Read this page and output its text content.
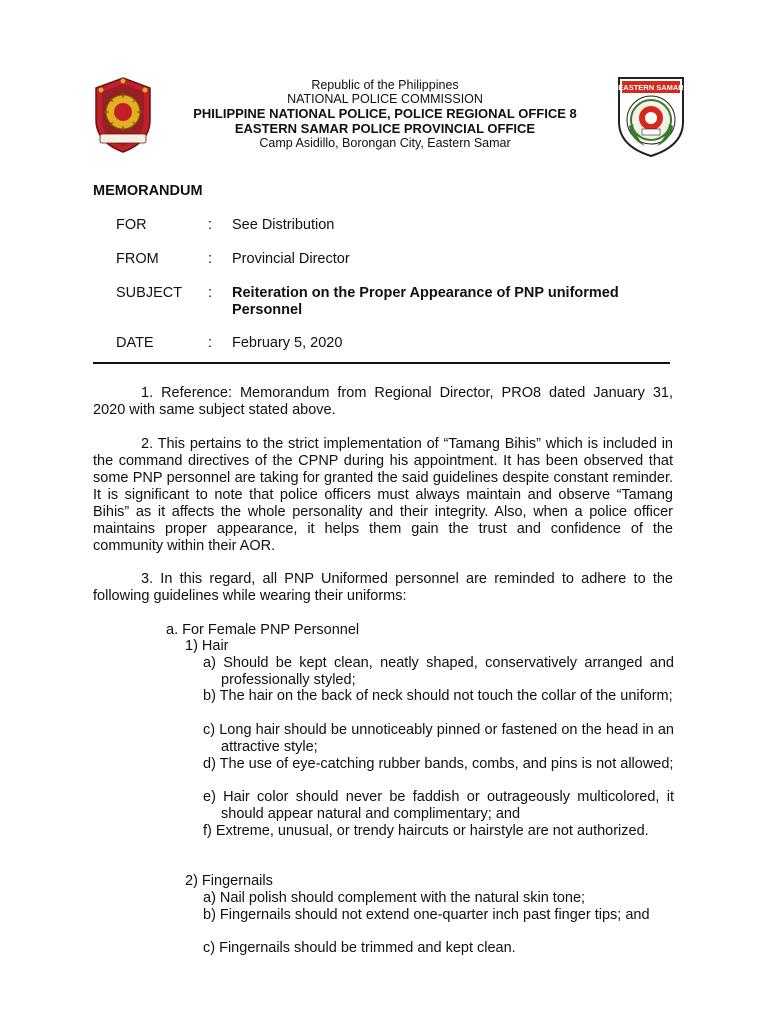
Republic of the Philippines
NATIONAL POLICE COMMISSION
PHILIPPINE NATIONAL POLICE, POLICE REGIONAL OFFICE 8
EASTERN SAMAR POLICE PROVINCIAL OFFICE
Camp Asidillo, Borongan City, Eastern Samar
EASTERN SAMAR
MEMORANDUM
FOR	:	See Distribution
FROM	:	Provincial Director
SUBJECT	:	Reiteration on the Proper Appearance of PNP uniformed Personnel
DATE	:	February 5, 2020
1. Reference: Memorandum from Regional Director, PRO8 dated January 31, 2020 with same subject stated above.
2. This pertains to the strict implementation of “Tamang Bihis” which is included in the command directives of the CPNP during his appointment. It has been observed that some PNP personnel are taking for granted the said guidelines despite constant reminder. It is significant to note that police officers must always maintain and observe “Tamang Bihis” as it affects the whole personality and their integrity. Also, when a police officer maintains proper appearance, it helps them gain the trust and confidence of the community within their AOR.
3. In this regard, all PNP Uniformed personnel are reminded to adhere to the following guidelines while wearing their uniforms:
a. For Female PNP Personnel
1) Hair
a) Should be kept clean, neatly shaped, conservatively arranged and professionally styled;
b) The hair on the back of neck should not touch the collar of the uniform;
c) Long hair should be unnoticeably pinned or fastened on the head in an attractive style;
d) The use of eye-catching rubber bands, combs, and pins is not allowed;
e) Hair color should never be faddish or outrageously multicolored, it should appear natural and complimentary; and
f) Extreme, unusual, or trendy haircuts or hairstyle are not authorized.
2) Fingernails
a) Nail polish should complement with the natural skin tone;
b) Fingernails should not extend one-quarter inch past finger tips; and
c) Fingernails should be trimmed and kept clean.
